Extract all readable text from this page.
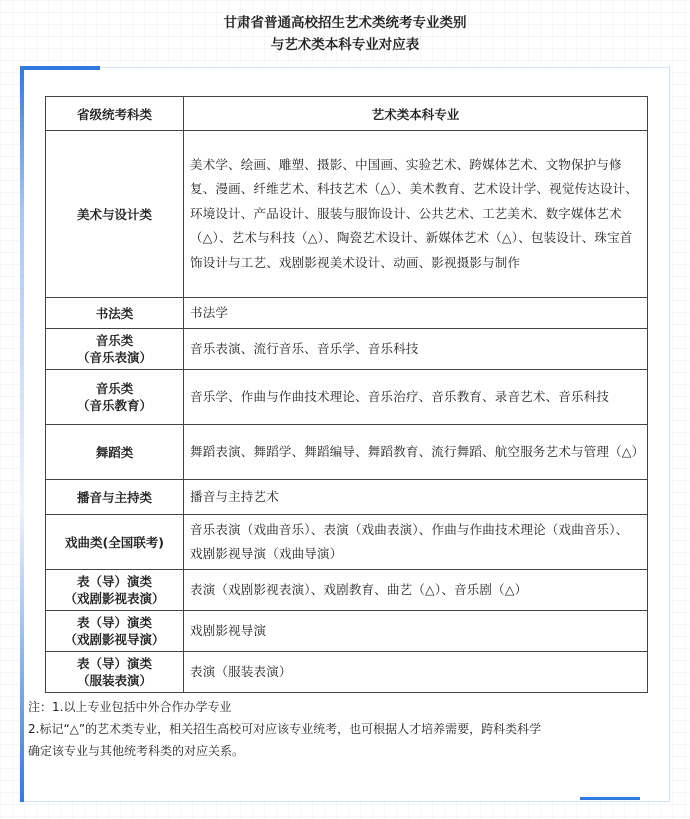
甘肃省普通高校招生艺术类统考专业类别
与艺术类本科专业对应表
省级统考科类	艺术类本科专业
美术与设计类	美术学、绘画、雕塑、摄影、中国画、实验艺术、跨媒体艺术、文物保护与修复、漫画、纤维艺术、科技艺术（△）、美术教育、艺术设计学、视觉传达设计、环境设计、产品设计、服装与服饰设计、公共艺术、工艺美术、数字媒体艺术（△）、艺术与科技（△）、陶瓷艺术设计、新媒体艺术（△）、包装设计、珠宝首饰设计与工艺、戏剧影视美术设计、动画、影视摄影与制作
书法类	书法学

音乐类
（音乐表演）	音乐表演、流行音乐、音乐学、音乐科技

音乐类
（音乐教育）	音乐学、作曲与作曲技术理论、音乐治疗、音乐教育、录音艺术、音乐科技
舞蹈类	舞蹈表演、舞蹈学、舞蹈编导、舞蹈教育、流行舞蹈、航空服务艺术与管理（△）
播音与主持类	播音与主持艺术
戏曲类(全国联考)	音乐表演（戏曲音乐）、表演（戏曲表演）、作曲与作曲技术理论（戏曲音乐）、戏剧影视导演（戏曲导演）

表（导）演类
（戏剧影视表演）	表演（戏剧影视表演）、戏剧教育、曲艺（△）、音乐剧（△）

表（导）演类
（戏剧影视导演）	戏剧影视导演

表（导）演类
（服装表演）	表演（服装表演）
注：1.以上专业包括中外合作办学专业
2.标记“△”的艺术类专业，相关招生高校可对应该专业统考，也可根据人才培养需要，跨科类科学
确定该专业与其他统考科类的对应关系。
